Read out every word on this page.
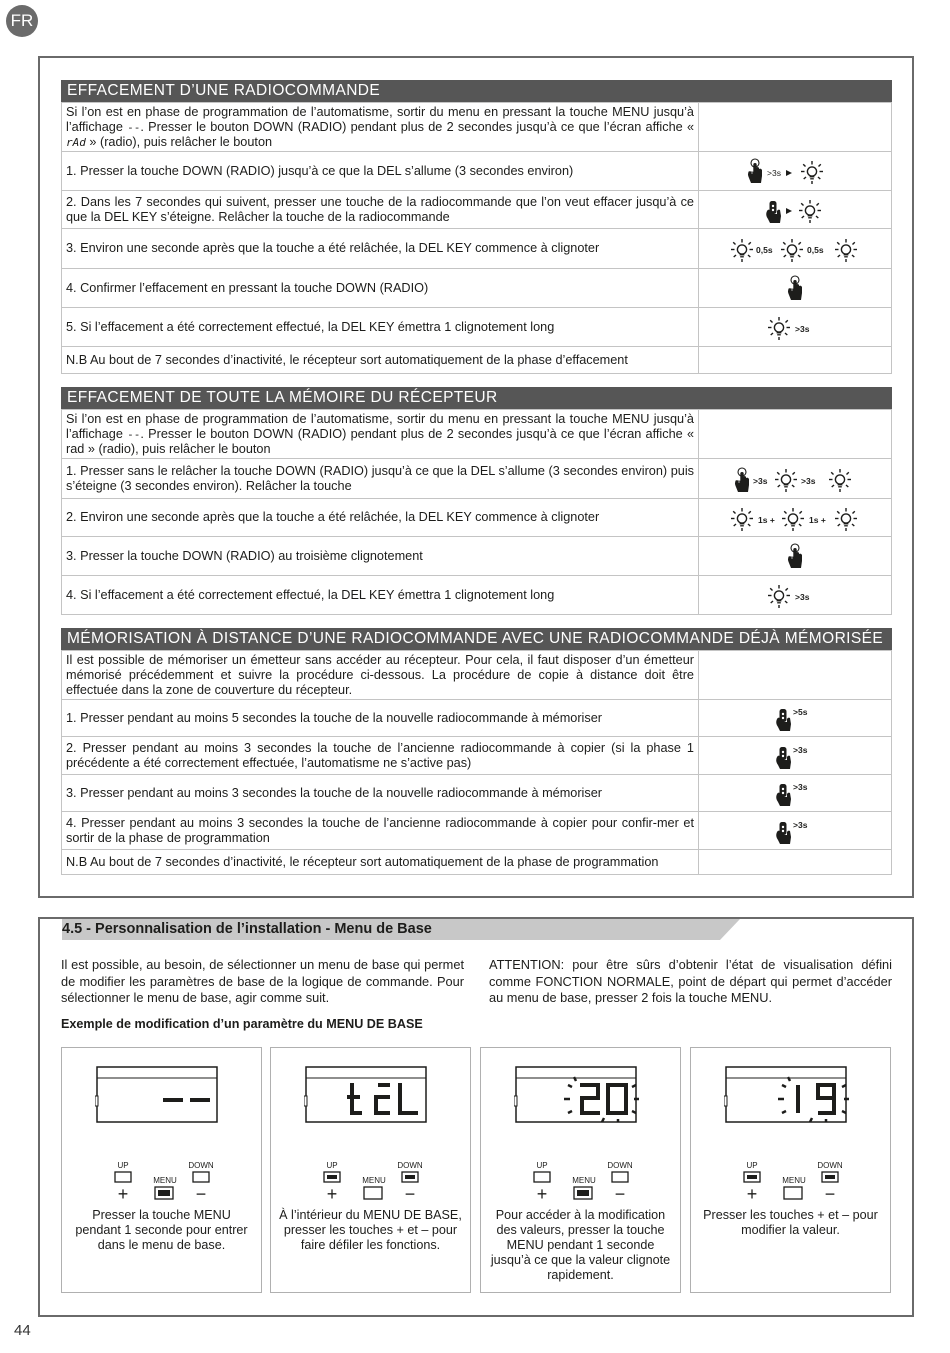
FR
EFFACEMENT D’UNE RADIOCOMMANDE
Si l’on est en phase de programmation de l’automatisme, sortir du menu en pressant la touche MENU jusqu’à l’affichage --. Presser le bouton DOWN (RADIO) pendant plus de 2 secondes jusqu’à ce que l’écran affiche « rAd » (radio), puis relâcher le bouton	
1. Presser la touche DOWN (RADIO) jusqu’à ce que la DEL s’allume (3 secondes environ)	>3s

2. Dans les 7 secondes qui suivent, presser une touche de la radiocommande que l’on veut effacer jusqu’à ce que la DEL KEY s’éteigne. Relâcher la touche de la radiocommande	
3. Environ une seconde après que la touche a été relâchée, la DEL KEY commence à clignoter	0,5s 0,5s

4. Confirmer l’effacement en pressant la touche DOWN (RADIO)	
5. Si l’effacement a été correctement effectué, la DEL KEY émettra 1 clignotement long	>3s

N.B Au bout de 7 secondes d’inactivité, le récepteur sort automatiquement de la phase d’effacement	
EFFACEMENT DE TOUTE LA MÉMOIRE DU RÉCEPTEUR
Si l’on est en phase de programmation de l’automatisme, sortir du menu en pressant la touche MENU jusqu’à l’affichage --. Presser le bouton DOWN (RADIO) pendant plus de 2 secondes jusqu’à ce que l’écran affiche « rad » (radio), puis relâcher le bouton	
1. Presser sans le relâcher la touche DOWN (RADIO) jusqu’à ce que la DEL s’allume (3 secondes environ) puis s’éteigne (3 secondes environ). Relâcher la touche	>3s >3s

2. Environ une seconde après que la touche a été relâchée, la DEL KEY commence à clignoter	1s + 1s +

3. Presser la touche DOWN (RADIO) au troisième clignotement	
4. Si l’effacement a été correctement effectué, la DEL KEY émettra 1 clignotement long	>3s
MÉMORISATION À DISTANCE D’UNE RADIOCOMMANDE AVEC UNE RADIOCOMMANDE DÉJÀ MÉMORISÉE
Il est possible de mémoriser un émetteur sans accéder au récepteur. Pour cela, il faut disposer d’un émetteur mémorisé précédemment et suivre la procédure ci-dessous. La procédure de copie à distance doit être effectuée dans la zone de couverture du récepteur.	
1. Presser pendant au moins 5 secondes la touche de la nouvelle radiocommande à mémoriser	>5s

2. Presser pendant au moins 3 secondes la touche de l’ancienne radiocommande à copier (si la phase 1 précédente a été correctement effectuée, l’automatisme ne s’active pas)	>3s

3. Presser pendant au moins 3 secondes la touche de la nouvelle radiocommande à mémoriser	>3s

4. Presser pendant au moins 3 secondes la touche de l’ancienne radiocommande à copier pour confir-mer et sortir de la phase de programmation	>3s

N.B Au bout de 7 secondes d’inactivité, le récepteur sort automatiquement de la phase de programmation	
4.5 - Personnalisation de l’installation - Menu de Base
Il est possible, au besoin, de sélectionner un menu de base qui permet de modifier les paramètres de base de la logique de commande. Pour sélectionner le menu de base, agir comme suit.
ATTENTION: pour être sûrs d’obtenir l’état de visualisation défini comme FONCTION NORMALE, point de départ qui permet d’accéder au menu de base, presser 2 fois la touche MENU.
Exemple de modification d’un paramètre du MENU DE BASE
UP
+
MENU
DOWN
−
Presser la touche MENU pendant 1 seconde pour entrer dans le menu de base.
UP
+
MENU
DOWN
−
À l’intérieur du MENU DE BASE, presser les touches + et – pour faire défiler les fonctions.
UP
+
MENU
DOWN
−
Pour accéder à la modification des valeurs, presser la touche MENU pendant 1 seconde jusqu’à ce que la valeur clignote rapidement.
UP
+
MENU
DOWN
−
Presser les touches + et – pour modifier la valeur.
44
